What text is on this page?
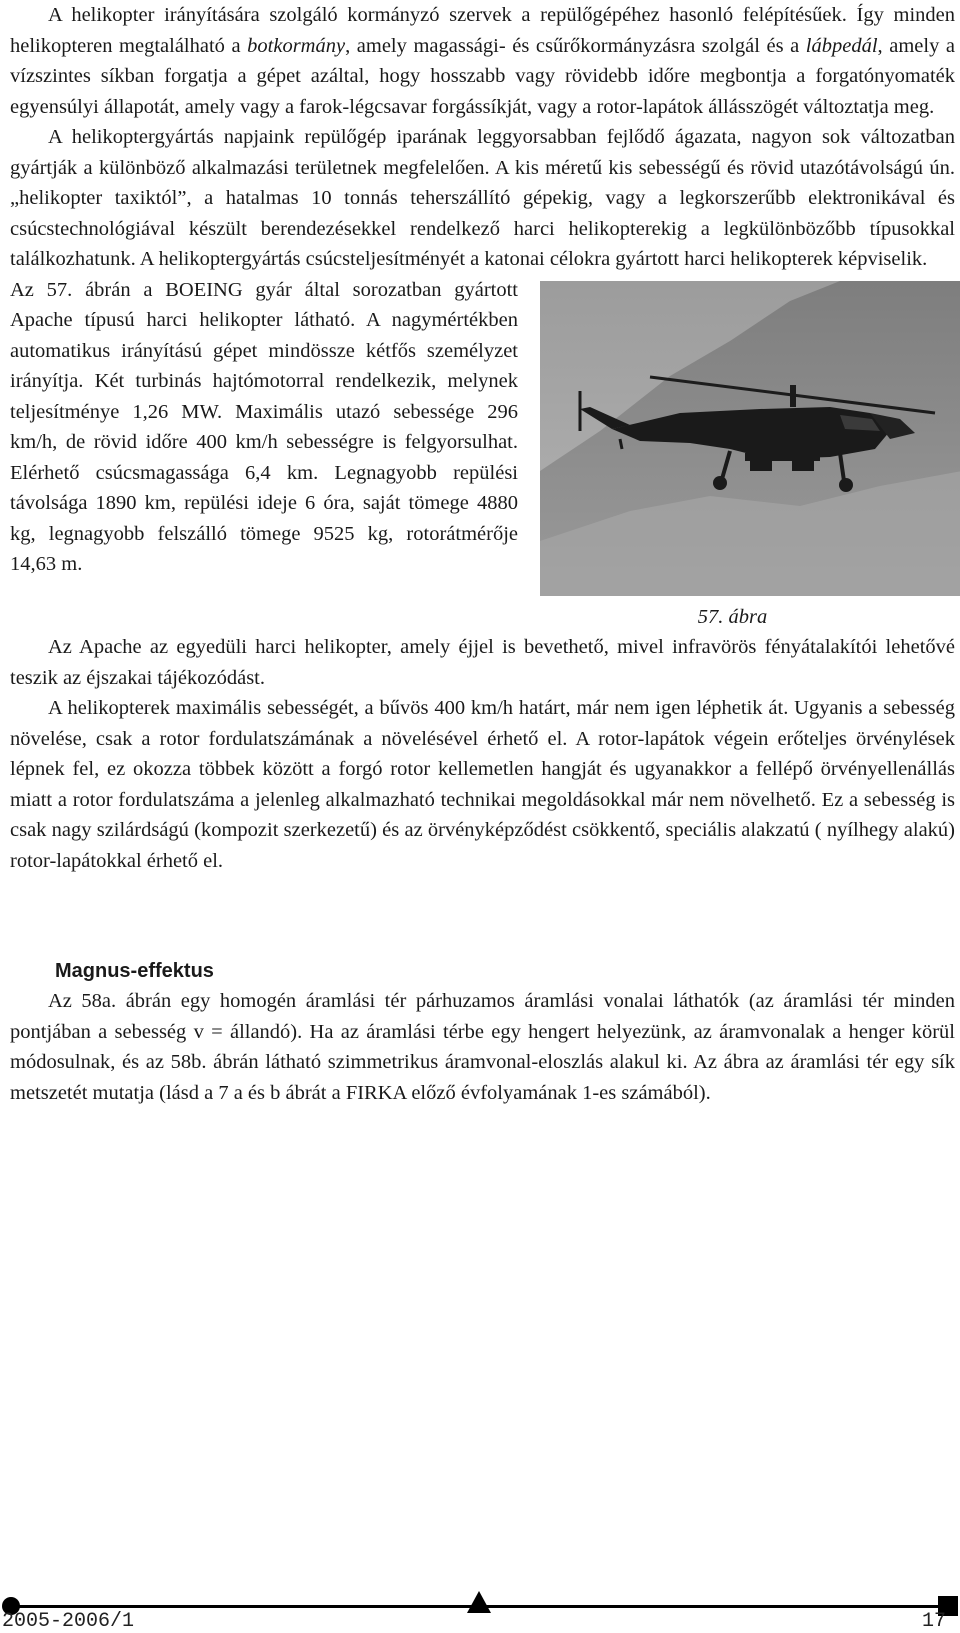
A helikopter irányítására szolgáló kormányzó szervek a repülőgépéhez hasonló felépítésűek. Így minden helikopteren megtalálható a botkormány, amely magassági- és csűrőkormányzásra szolgál és a lábpedál, amely a vízszintes síkban forgatja a gépet azáltal, hogy hosszabb vagy rövidebb időre megbontja a forgatónyomaték egyensúlyi állapotát, amely vagy a farok-légcsavar forgássíkját, vagy a rotor-lapátok állásszögét változtatja meg.

A helikoptergyártás napjaink repülőgép iparának leggyorsabban fejlődő ágazata, nagyon sok változatban gyártják a különböző alkalmazási területnek megfelelően. A kis méretű kis sebességű és rövid utazótávolságú ún. „helikopter taxiktól”, a hatalmas 10 tonnás teherszállító gépekig, vagy a legkorszerűbb elektronikával és csúcstechnológiával készült berendezésekkel rendelkező harci helikopterekig a legkülönbözőbb típusokkal találkozhatunk. A helikoptergyártás csúcsteljesítményét a katonai célokra gyártott harci helikopterek képviselik.

57. ábra

Az 57. ábrán a BOEING gyár által sorozatban gyártott Apache típusú harci helikopter látható. A nagymértékben automatikus irányítású gépet mindössze kétfős személyzet irányítja. Két turbinás hajtómotorral rendelkezik, melynek teljesítménye 1,26 MW. Maximális utazó sebessége 296 km/h, de rövid időre 400 km/h sebességre is felgyorsulhat. Elérhető csúcsmagassága 6,4 km. Legnagyobb repülési távolsága 1890 km, repülési ideje 6 óra, saját tömege 4880 kg, legnagyobb felszálló tömege 9525 kg, rotorátmérője 14,63 m.

Az Apache az egyedüli harci helikopter, amely éjjel is bevethető, mivel infravörös fényátalakítói lehetővé teszik az éjszakai tájékozódást.

A helikopterek maximális sebességét, a bűvös 400 km/h határt, már nem igen léphetik át. Ugyanis a sebesség növelése, csak a rotor fordulatszámának a növelésével érhető el. A rotor-lapátok végein erőteljes örvénylések lépnek fel, ez okozza többek között a forgó rotor kellemetlen hangját és ugyanakkor a fellépő örvényellenállás miatt a rotor fordulatszáma a jelenleg alkalmazható technikai megoldásokkal már nem növelhető. Ez a sebesség is csak nagy szilárdságú (kompozit szerkezetű) és az örvényképződést csökkentő, speciális alakzatú ( nyílhegy alakú) rotor-lapátokkal érhető el.

Magnus-effektus

Az 58a. ábrán egy homogén áramlási tér párhuzamos áramlási vonalai láthatók (az áramlási tér minden pontjában a sebesség v = állandó). Ha az áramlási térbe egy hengert helyezünk, az áramvonalak a henger körül módosulnak, és az 58b. ábrán látható szimmetrikus áramvonal-eloszlás alakul ki. Az ábra az áramlási tér egy sík metszetét mutatja (lásd a 7 a és b ábrát a FIRKA előző évfolyamának 1-es számából).

2005-2006/1	17
